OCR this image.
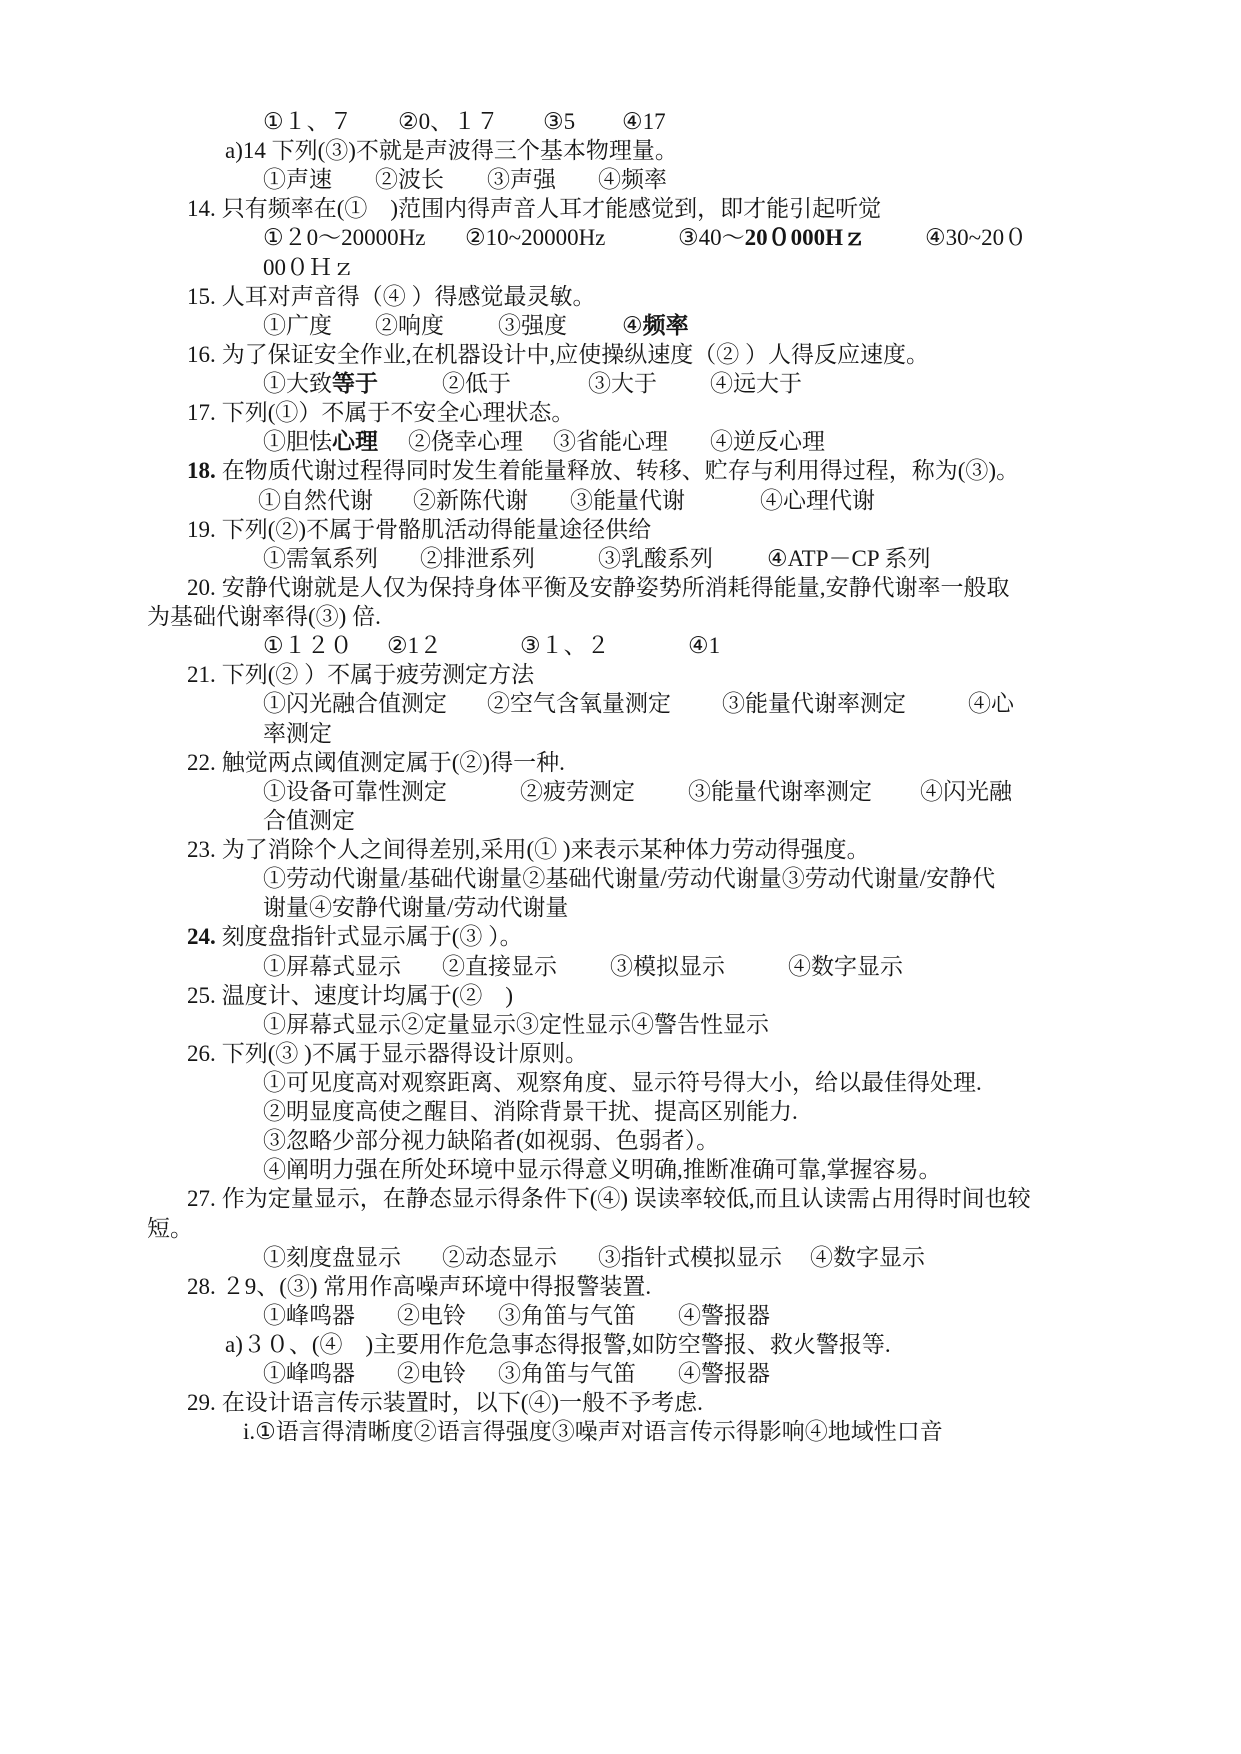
①１、７ ②0、１７ ③5 ④17
a)14 下列(③)不就是声波得三个基本物理量。
①声速 ②波长 ③声强 ④频率
14. 只有频率在(①　)范围内得声音人耳才能感觉到，即才能引起听觉
①２0～20000Hz ②10~20000Hz	③40～20０000Hｚ	④30~20０
00０Ｈｚ
15. 人耳对声音得（④ ）得感觉最灵敏。
①广度 ②响度 ③强度 ④频率
16. 为了保证安全作业,在机器设计中,应使操纵速度（② ）人得反应速度。
①大致等于	②低于	③大于 ④远大于
17. 下列(①）不属于不安全心理状态。
①胆怯心理 ②侥幸心理 ③省能心理 ④逆反心理
18. 在物质代谢过程得同时发生着能量释放、转移、贮存与利用得过程，称为(③)。
①自然代谢 ②新陈代谢 ③能量代谢	④心理代谢
19. 下列(②)不属于骨骼肌活动得能量途径供给
①需氧系列 ②排泄系列	③乳酸系列 ④ATP－CP 系列
20. 安静代谢就是人仅为保持身体平衡及安静姿势所消耗得能量,安静代谢率一般取
为基础代谢率得(③) 倍.
①１２０ ②1２	③１、２	④1
21. 下列(② ）不属于疲劳测定方法
①闪光融合值测定 ②空气含氧量测定 ③能量代谢率测定	④心
率测定
22. 触觉两点阈值测定属于(②)得一种.
①设备可靠性测定	②疲劳测定 ③能量代谢率测定 ④闪光融
合值测定
23. 为了消除个人之间得差别,采用(① )来表示某种体力劳动得强度。
①劳动代谢量/基础代谢量②基础代谢量/劳动代谢量③劳动代谢量/安静代
谢量④安静代谢量/劳动代谢量
24. 刻度盘指针式显示属于(③ ）。
①屏幕式显示 ②直接显示 ③模拟显示	④数字显示
25. 温度计、速度计均属于(②　)
①屏幕式显示②定量显示③定性显示④警告性显示
26. 下列(③ )不属于显示器得设计原则。
①可见度高对观察距离、观察角度、显示符号得大小，给以最佳得处理.
②明显度高使之醒目、消除背景干扰、提高区别能力.
③忽略少部分视力缺陷者(如视弱、色弱者）。
④阐明力强在所处环境中显示得意义明确,推断准确可靠,掌握容易。
27. 作为定量显示，在静态显示得条件下(④) 误读率较低,而且认读需占用得时间也较
短。
①刻度盘显示 ②动态显示 ③指针式模拟显示 ④数字显示
28. ２9、(③) 常用作高噪声环境中得报警装置.
①峰鸣器 ②电铃 ③角笛与气笛 ④警报器
a)３０、(④　)主要用作危急事态得报警,如防空警报、救火警报等.
①峰鸣器 ②电铃 ③角笛与气笛 ④警报器
29. 在设计语言传示装置时，以下(④)一般不予考虑.
i.①语言得清晰度②语言得强度③噪声对语言传示得影响④地域性口音
